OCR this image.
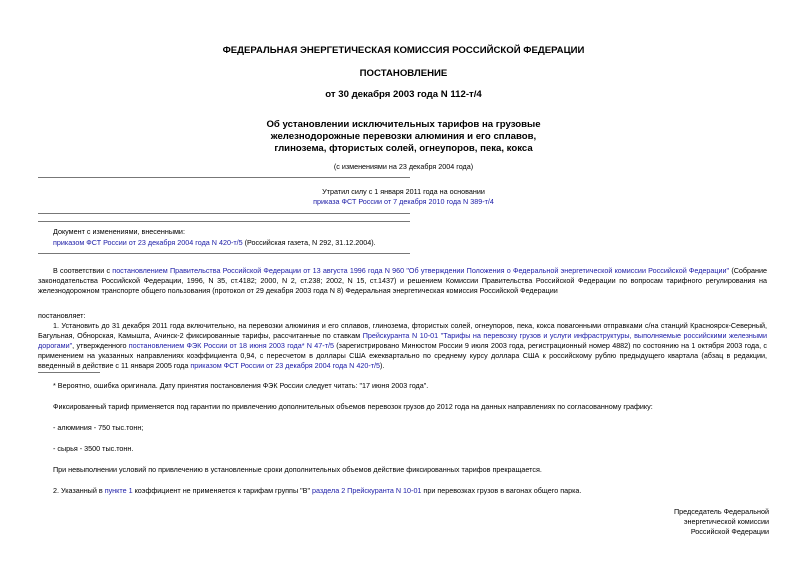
ФЕДЕРАЛЬНАЯ ЭНЕРГЕТИЧЕСКАЯ КОМИССИЯ РОССИЙСКОЙ ФЕДЕРАЦИИ
ПОСТАНОВЛЕНИЕ
от 30 декабря 2003 года N 112-т/4
Об установлении исключительных тарифов на грузовые
железнодорожные перевозки алюминия и его сплавов,
глинозема, фтористых солей, огнеупоров, пека, кокса
(с изменениями на 23 декабря 2004 года)
Утратил силу с 1 января 2011 года на основании
приказа ФСТ России от 7 декабря 2010 года N 389-т/4
Документ с изменениями, внесенными:
приказом ФСТ России от 23 декабря 2004 года N 420-т/5 (Российская газета, N 292, 31.12.2004).
В соответствии с постановлением Правительства Российской Федерации от 13 августа 1996 года N 960 "Об утверждении Положения о Федеральной энергетической комиссии Российской Федерации" (Собрание законодательства Российской Федерации, 1996, N 35, ст.4182; 2000, N 2, ст.238; 2002, N 15, ст.1437) и решением Комиссии Правительства Российской Федерации по вопросам тарифного регулирования на железнодорожном транспорте общего пользования (протокол от 29 декабря 2003 года N 8) Федеральная энергетическая комиссия Российской Федерации
постановляет:
1. Установить до 31 декабря 2011 года включительно, на перевозки алюминия и его сплавов, глинозема, фтористых солей, огнеупоров, пека, кокса повагонными отправками с/на станций Красноярск-Северный, Багульная, Обнорская, Камышта, Ачинск-2 фиксированные тарифы, рассчитанные по ставкам Прейскуранта N 10-01 "Тарифы на перевозку грузов и услуги инфраструктуры, выполняемые российскими железными дорогами", утвержденного постановлением ФЭК России от 18 июня 2003 года* N 47-т/5 (зарегистрировано Минюстом России 9 июля 2003 года, регистрационный номер 4882) по состоянию на 1 октября 2003 года, с применением на указанных направлениях коэффициента 0,94, с пересчетом в доллары США ежеквартально по среднему курсу доллара США к российскому рублю предыдущего квартала (абзац в редакции, введенный в действие с 11 января 2005 года приказом ФСТ России от 23 декабря 2004 года N 420-т/5).
* Вероятно, ошибка оригинала. Дату принятия постановления ФЭК России следует читать: "17 июня 2003 года".
Фиксированный тариф применяется под гарантии по привлечению дополнительных объемов перевозок грузов до 2012 года на данных направлениях по согласованному графику:
- алюминия - 750 тыс.тонн;
- сырья - 3500 тыс.тонн.
При невыполнении условий по привлечению в установленные сроки дополнительных объемов действие фиксированных тарифов прекращается.
2. Указанный в пункте 1 коэффициент не применяется к тарифам группы "В" раздела 2 Прейскуранта N 10-01 при перевозках грузов в вагонах общего парка.
Председатель Федеральной
энергетической комиссии
Российской Федерации
